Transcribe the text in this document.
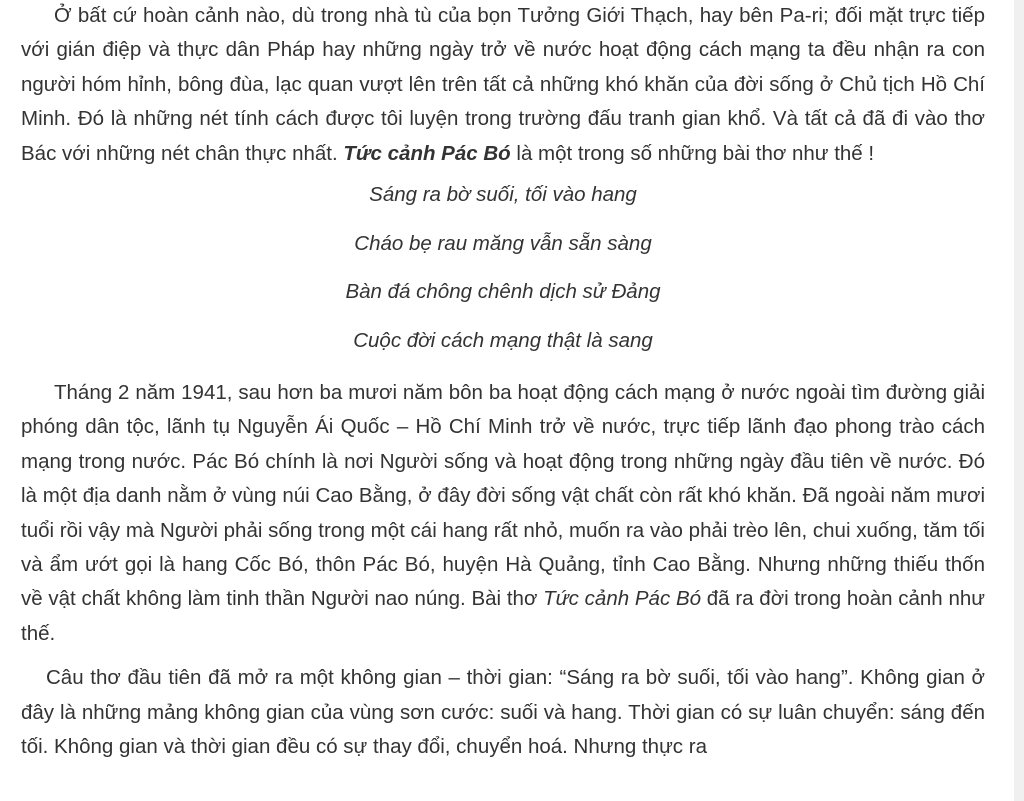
Ở bất cứ hoàn cảnh nào, dù trong nhà tù của bọn Tưởng Giới Thạch, hay bên Pa-ri; đối mặt trực tiếp với gián điệp và thực dân Pháp hay những ngày trở về nước hoạt động cách mạng ta đều nhận ra con người hóm hỉnh, bông đùa, lạc quan vượt lên trên tất cả những khó khăn của đời sống ở Chủ tịch Hồ Chí Minh. Đó là những nét tính cách được tôi luyện trong trường đấu tranh gian khổ. Và tất cả đã đi vào thơ Bác với những nét chân thực nhất. Tức cảnh Pác Bó là một trong số những bài thơ như thế !

Sáng ra bờ suối, tối vào hang
Cháo bẹ rau măng vẫn sẵn sàng
Bàn đá chông chênh dịch sử Đảng
Cuộc đời cách mạng thật là sang

Tháng 2 năm 1941, sau hơn ba mươi năm bôn ba hoạt động cách mạng ở nước ngoài tìm đường giải phóng dân tộc, lãnh tụ Nguyễn Ái Quốc – Hồ Chí Minh trở về nước, trực tiếp lãnh đạo phong trào cách mạng trong nước. Pác Bó chính là nơi Người sống và hoạt động trong những ngày đầu tiên về nước. Đó là một địa danh nằm ở vùng núi Cao Bằng, ở đây đời sống vật chất còn rất khó khăn. Đã ngoài năm mươi tuổi rồi vậy mà Người phải sống trong một cái hang rất nhỏ, muốn ra vào phải trèo lên, chui xuống, tăm tối và ẩm ướt gọi là hang Cốc Bó, thôn Pác Bó, huyện Hà Quảng, tỉnh Cao Bằng. Nhưng những thiếu thốn về vật chất không làm tinh thần Người nao núng. Bài thơ Tức cảnh Pác Bó đã ra đời trong hoàn cảnh như thế.

Câu thơ đầu tiên đã mở ra một không gian – thời gian: “Sáng ra bờ suối, tối vào hang”. Không gian ở đây là những mảng không gian của vùng sơn cước: suối và hang. Thời gian có sự luân chuyển: sáng đến tối. Không gian và thời gian đều có sự thay đổi, chuyển hoá. Nhưng thực ra
